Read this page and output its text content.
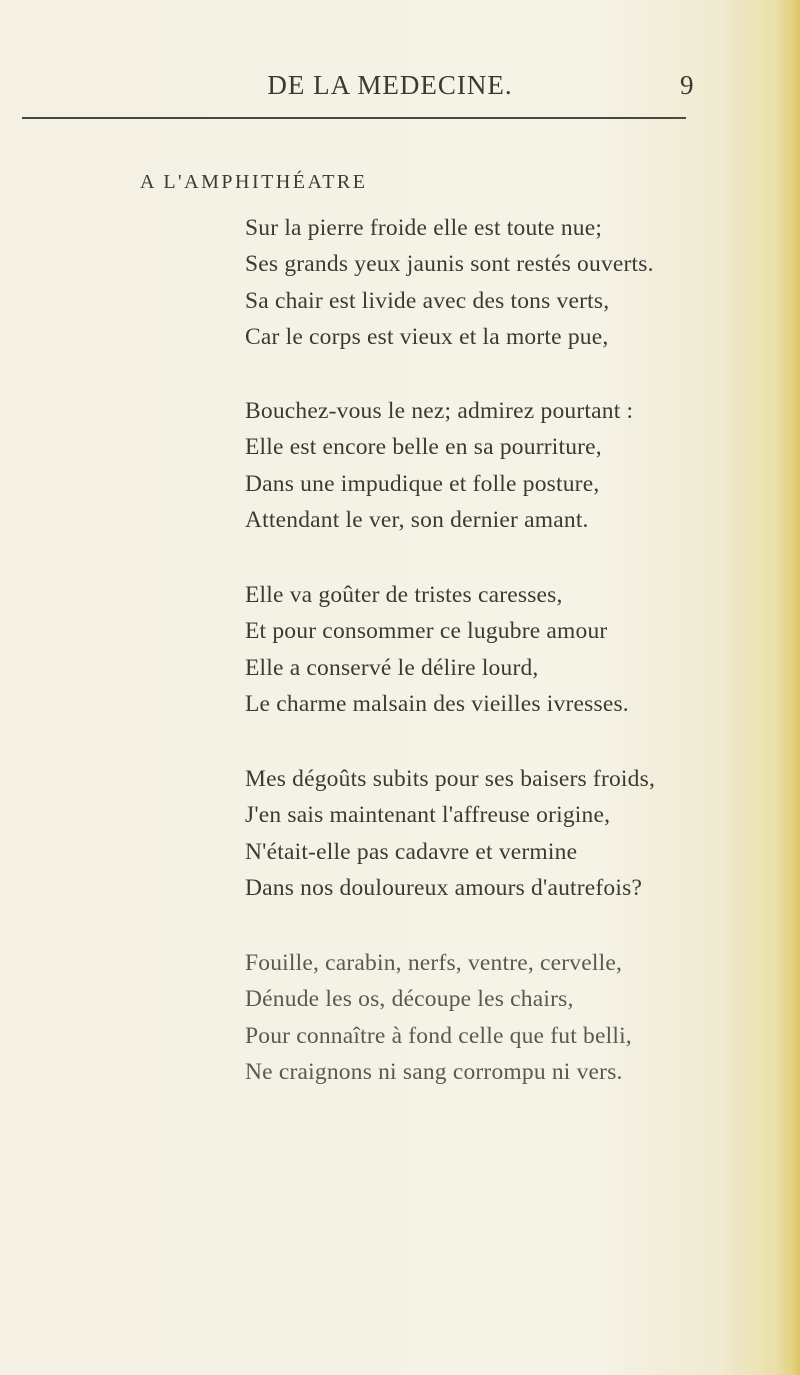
DE LA MEDECINE.	9
A L'AMPHITHÉATRE
Sur la pierre froide elle est toute nue;
Ses grands yeux jaunis sont restés ouverts.
Sa chair est livide avec des tons verts,
Car le corps est vieux et la morte pue,
Bouchez-vous le nez; admirez pourtant :
Elle est encore belle en sa pourriture,
Dans une impudique et folle posture,
Attendant le ver, son dernier amant.
Elle va goûter de tristes caresses,
Et pour consommer ce lugubre amour
Elle a conservé le délire lourd,
Le charme malsain des vieilles ivresses.
Mes dégoûts subits pour ses baisers froids,
J'en sais maintenant l'affreuse origine,
N'était-elle pas cadavre et vermine
Dans nos douloureux amours d'autrefois?
Fouille, carabin, nerfs, ventre, cervelle,
Dénude les os, découpe les chairs,
Pour connaître à fond celle que fut belli,
Ne craignons ni sang corrompu ni vers.
